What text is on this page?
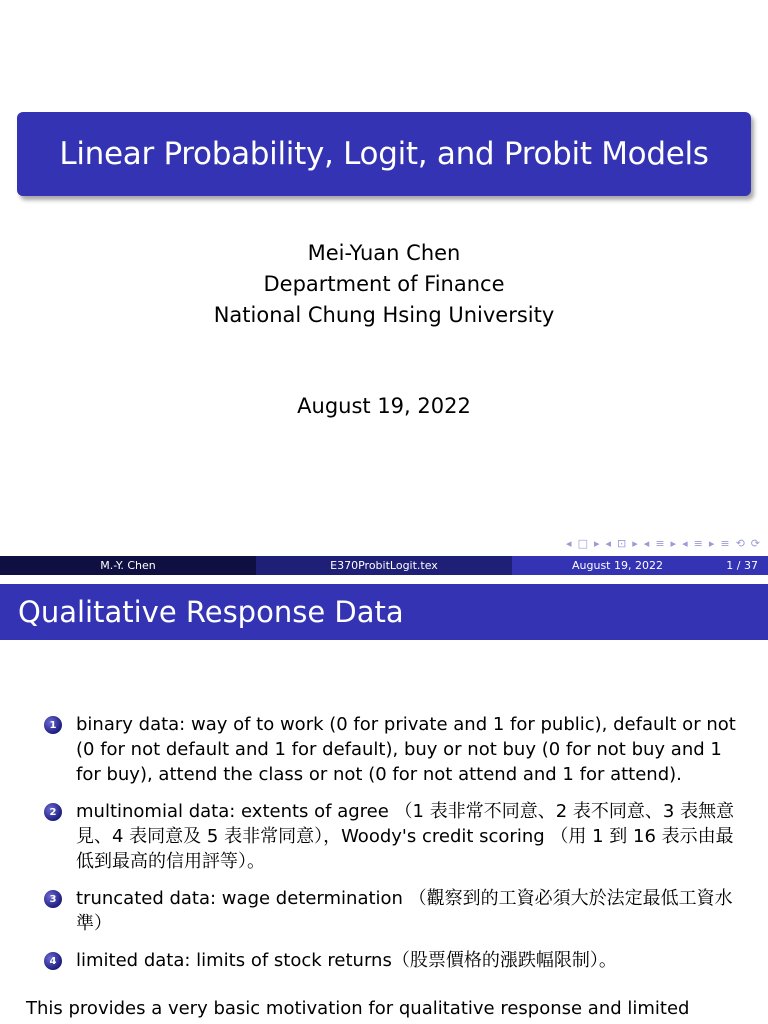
Linear Probability, Logit, and Probit Models
Mei-Yuan Chen
Department of Finance
National Chung Hsing University
August 19, 2022
◂ □ ▸ ◂ ⊡ ▸ ◂ ≡ ▸ ◂ ≡ ▸ ≡ ⟲ ⟳
M.-Y. Chen	E370ProbitLogit.tex	August 19, 2022	1 / 37
Qualitative Response Data
1	binary data: way of to work (0 for private and 1 for public), default or not (0 for not default and 1 for default), buy or not buy (0 for not buy and 1 for buy), attend the class or not (0 for not attend and 1 for attend).
2	multinomial data: extents of agree （1 表非常不同意、2 表不同意、3 表無意見、4 表同意及 5 表非常同意），Woody's credit scoring （用 1 到 16 表示由最低到最高的信用評等）。
3	truncated data: wage determination （觀察到的工資必須大於法定最低工資水準）
4	limited data: limits of stock returns（股票價格的漲跌幅限制）。
This provides a very basic motivation for qualitative response and limited
